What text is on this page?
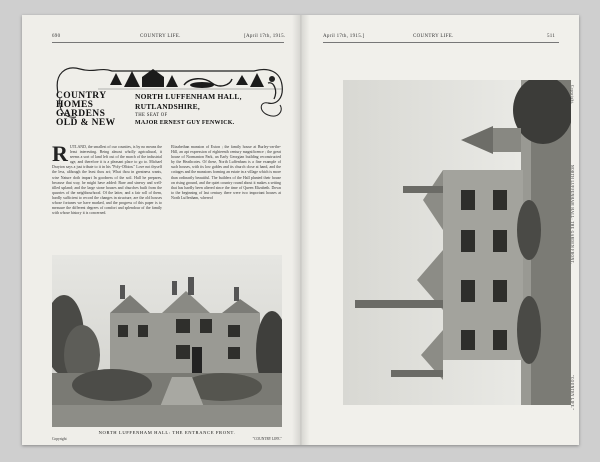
690	COUNTRY LIFE.	[April 17th, 1915.
COUNTRY
HOMES
GARDENS
OLD & NEW
NORTH LUFFENHAM HALL,
RUTLANDSHIRE,
THE SEAT OF
MAJOR ERNEST GUY FENWICK.
R UTLAND, the smallest of our counties, is by no means the least interesting. Being almost wholly agricultural, it seems a sort of land left out of the march of the industrial age, and therefore it is a pleasant place to go to. Michael Drayton says a just tribute to it in his "Poly-Olbion." Love not thyself the less, although the least thou art; What thou in greatness wants, wise Nature doth impart In goodness of the soil. Hall he prepares, because that way, he might have added: Bare and sinewy and well-tilled upland; and the large stone houses and churches built from the quarries of the neighbourhood. Of the latter, and a fair roll of them, hardly sufficient to record the changes in structure, are the old houses whose fortunes we have marked, and the progress of this paper is to measure the different degrees of comfort and splendour of the family with whose history it is concerned.

Elizabethan mansion of Exton ; the family house at Burley-on-the-Hill, an apt expression of eighteenth century magnificence ; the great house of Normanton Park, an Early Georgian building reconstructed by the Heathcotes. Of these, North Luffenham is a fine example of such houses, with its low gables and its church close at hand, and the cottages and the mansions forming an estate in a village which is more than ordinarily beautiful. The builders of the Hall planted their house on rising ground, and the quiet country round about it makes a setting that has hardly been altered since the time of Queen Elizabeth. Down to the beginning of last century there were two important houses at North Luffenham, whereof

NORTH LUFFENHAM HALL: THE ENTRANCE FRONT.
Copyright	"COUNTRY LIFE."
April 17th, 1915.]	COUNTRY LIFE.	511
Copyright.
NORTH LUFFENHAM HALL: THE GARDEN FRONT.
"COUNTRY LIFE."
